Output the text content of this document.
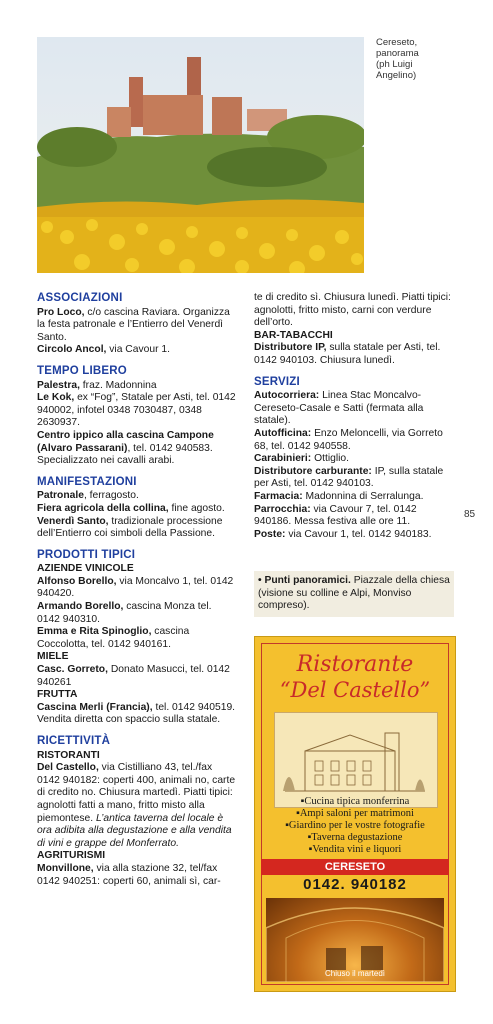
Cereseto,
panorama
(ph Luigi
Angelino)

ASSOCIAZIONI

Pro Loco, c/o cascina Raviara. Organizza la festa patronale e l’Entierro del Venerdì Santo.

Circolo Ancol, via Cavour 1.

TEMPO LIBERO

Palestra, fraz. Madonnina

Le Kok, ex “Fog”, Statale per Asti, tel. 0142 940002, infotel 0348 7030487, 0348 2630937.

Centro ippico alla cascina Campone (Alvaro Passarani), tel. 0142 940583. Specializzato nei cavalli arabi.

MANIFESTAZIONI

Patronale, ferragosto.

Fiera agricola della collina, fine agosto.

Venerdì Santo, tradizionale processione dell’Entierro coi simboli della Passione.

PRODOTTI TIPICI

AZIENDE VINICOLE

Alfonso Borello, via Moncalvo 1, tel. 0142 940420.

Armando Borello, cascina Monza tel. 0142 940310.

Emma e Rita Spinoglio, cascina Coccolotta, tel. 0142 940161.

MIELE

Casc. Gorreto, Donato Masucci, tel. 0142 940261

FRUTTA

Cascina Merli (Francia), tel. 0142 940519. Vendita diretta con spaccio sulla statale.

RICETTIVITÀ

RISTORANTI

Del Castello, via Cistilliano 43, tel./fax 0142 940182: coperti 400, animali no, carte di credito no. Chiusura martedì. Piatti tipici: agnolotti fatti a mano, fritto misto alla piemontese. L’antica taverna del locale è ora adibita alla degustazione e alla vendita di vini e grappe del Monferrato.

AGRITURISMI

Monvillone, via alla stazione 32, tel/fax 0142 940251: coperti 60, animali sì, car-

te di credito sì. Chiusura lunedì. Piatti tipici: agnolotti, fritto misto, carni con verdure dell’orto.

BAR-TABACCHI

Distributore IP, sulla statale per Asti, tel. 0142 940103. Chiusura lunedì.

SERVIZI

Autocorriera: Linea Stac Moncalvo-Cereseto-Casale e Satti (fermata alla statale).

Autofficina: Enzo Meloncelli, via Gorreto 68, tel. 0142 940558.

Carabinieri: Ottiglio.

Distributore carburante: IP, sulla statale per Asti, tel. 0142 940103.

Farmacia: Madonnina di Serralunga.

Parrocchia: via Cavour 7, tel. 0142 940186. Messa festiva alle ore 11.

Poste: via Cavour 1, tel. 0142 940183.

85
• Punti panoramici. Piazzale della chiesa (visione su colline e Alpi, Monviso compreso).
Ristorante
“Del Castello”
▪Cucina tipica monferrina
▪Ampi saloni per matrimoni
▪Giardino per le vostre fotografie
▪Taverna degustazione
▪Vendita vini e liquori
CERESETO
0142. 940182
Chiuso il martedì
